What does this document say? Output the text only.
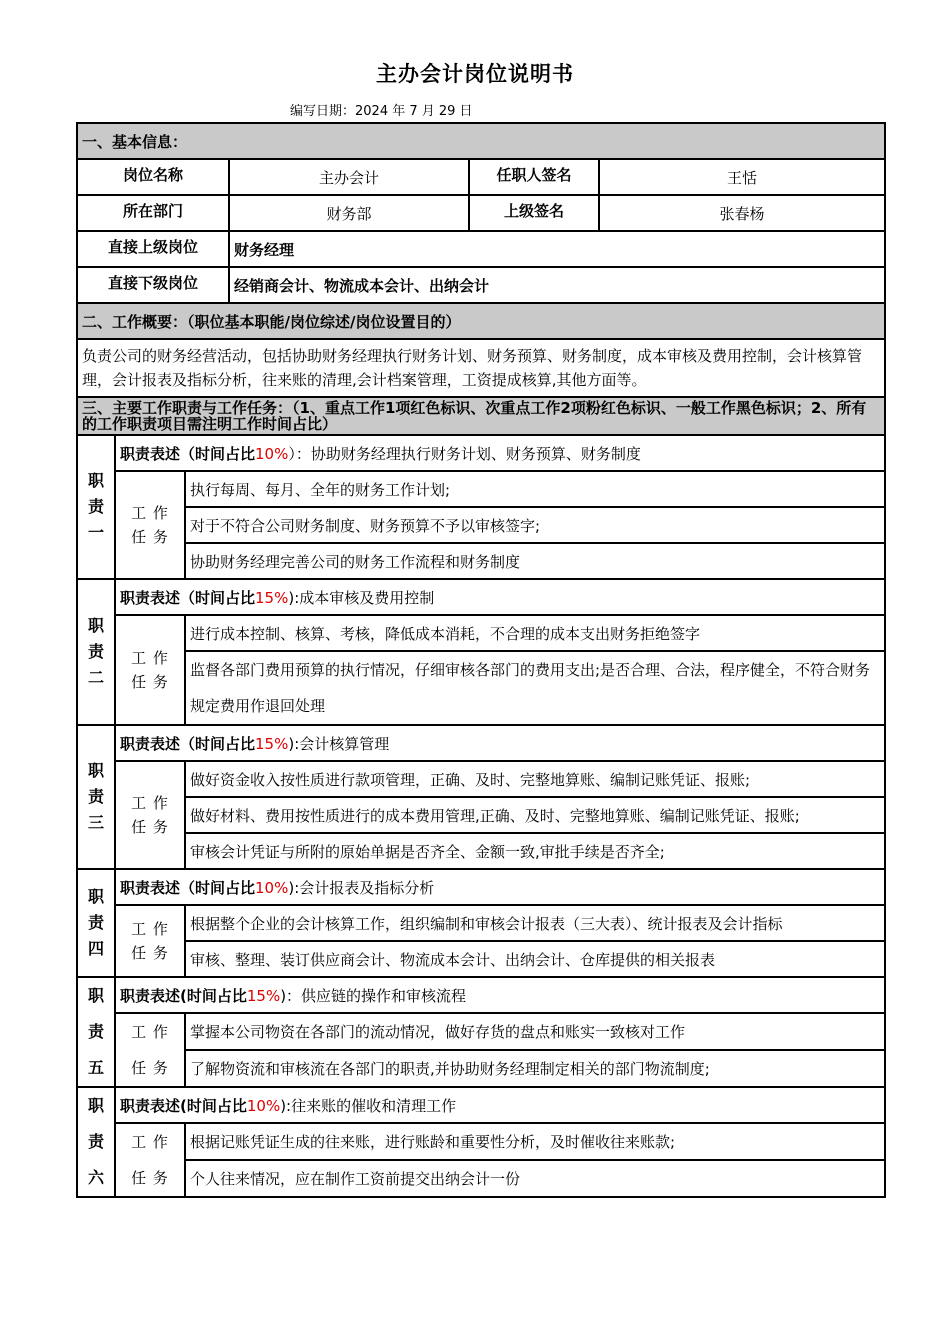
主办会计岗位说明书
编写日期：2024 年 7 月 29 日
一、基本信息：					
岗位名称			主办会计	任职人签名	王恬
所在部门			财务部	上级签名	张春杨
直接上级岗位			财务经理		
直接下级岗位			经销商会计、物流成本会计、出纳会计		
二、工作概要：（职位基本职能/岗位综述/岗位设置目的）					
负责公司的财务经营活动，包括协助财务经理执行财务计划、财务预算、财务制度，成本审核及费用控制，会计核算管理，会计报表及指标分析，往来账的清理,会计档案管理，工资提成核算,其他方面等。					
三、主要工作职责与工作任务：（1、重点工作1项红色标识、次重点工作2项粉红色标识、一般工作黑色标识；2、所有的工作职责项目需注明工作时间占比）					

职
责
一	职责表述（时间占比10%）：协助财务经理执行财务计划、财务预算、财务制度				

	工 作
任 务	执行每周、每月、全年的财务工作计划;			
		对于不符合公司财务制度、财务预算不予以审核签字;			
		协助财务经理完善公司的财务工作流程和财务制度			

职
责
二	职责表述（时间占比15%):成本审核及费用控制				

	工 作
任 务	进行成本控制、核算、考核，降低成本消耗，不合理的成本支出财务拒绝签字			
		监督各部门费用预算的执行情况，仔细审核各部门的费用支出;是否合理、合法，程序健全，不符合财务规定费用作退回处理			

职
责
三	职责表述（时间占比15%):会计核算管理				

	工 作
任 务	做好资金收入按性质进行款项管理，正确、及时、完整地算账、编制记账凭证、报账;			
		做好材料、费用按性质进行的成本费用管理,正确、及时、完整地算账、编制记账凭证、报账;			
		审核会计凭证与所附的原始单据是否齐全、金额一致,审批手续是否齐全;			

职
责
四	职责表述（时间占比10%):会计报表及指标分析				

	工 作
任 务	根据整个企业的会计核算工作，组织编制和审核会计报表（三大表）、统计报表及会计指标			
		审核、整理、装订供应商会计、物流成本会计、出纳会计、仓库提供的相关报表			

职
责
五	职责表述(时间占比15%)：供应链的操作和审核流程				

	工 作
任 务	掌握本公司物资在各部门的流动情况，做好存货的盘点和账实一致核对工作			
		了解物资流和审核流在各部门的职责,并协助财务经理制定相关的部门物流制度;			

职
责
六	职责表述(时间占比10%):往来账的催收和清理工作				

	工 作
任 务	根据记账凭证生成的往来账，进行账龄和重要性分析，及时催收往来账款;			
		个人往来情况，应在制作工资前提交出纳会计一份			
